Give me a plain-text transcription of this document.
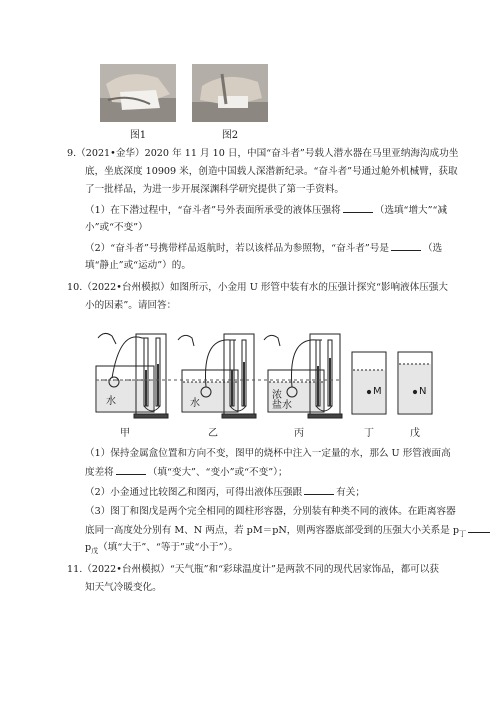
图1	图2
9.（2021•金华）2020 年 11 月 10 日，中国“奋斗者”号载人潜水器在马里亚纳海沟成功坐
底，坐底深度 10909 米，创造中国载人深潜新纪录。“奋斗者”号通过舱外机械臂，获取
了一批样品，为进一步开展深渊科学研究提供了第一手资料。
（1）在下潜过程中，“奋斗者”号外表面所承受的液体压强将	（选填“增大”“减
小”或“不变”）
（2）“奋斗者”号携带样品返航时，若以该样品为参照物，“奋斗者”号是	（选
填“静止”或“运动”）的。
10.（2022•台州模拟）如图所示，小金用 U 形管中装有水的压强计探究“影响液体压强大
小的因素”。请回答：
水	水
浓
盐 水
M	N
甲	乙	丙	丁	戊
（1）保持金属盒位置和方向不变，图甲的烧杯中注入一定量的水，那么 U 形管液面高
度差将	（填“变大”、“变小”或“不变”）；
（2）小金通过比较图乙和图丙，可得出液体压强跟	有关；
（3）图丁和图戊是两个完全相同的圆柱形容器，分别装有种类不同的液体。在距离容器
底同一高度处分别有 M、N 两点，若 pM＝pN，则两容器底部受到的压强大小关系是 $p_丁$
$p_戊$（填“大于”、“等于”或“小于”）。
11.（2022•台州模拟）“天气瓶”和“彩球温度计”是两款不同的现代居家饰品，都可以获
知天气冷暖变化。
